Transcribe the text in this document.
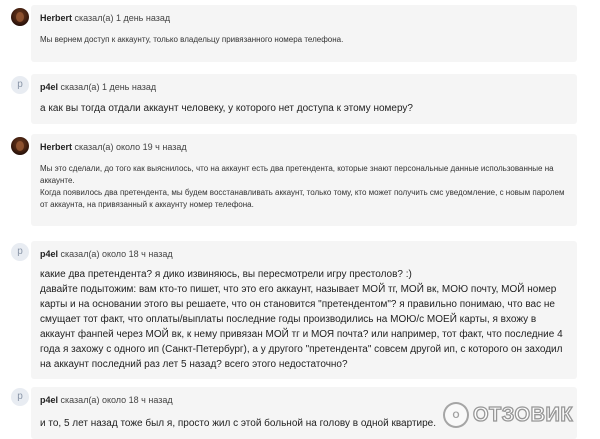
Herbert сказал(а) 1 день назад

Мы вернем доступ к аккаунту, только владельцу привязанного номера телефона.

p	p4el сказал(а) 1 день назад

а как вы тогда отдали аккаунт человеку, у которого нет доступа к этому номеру?

Herbert сказал(а) около 19 ч назад

Мы это сделали, до того как выяснилось, что на аккаунт есть два претендента, которые знают персональные данные использованные на аккаунте.

Когда появилось два претендента, мы будем восстанавливать аккаунт, только тому, кто может получить смс уведомление, с новым паролем от аккаунта, на привязанный к аккаунту номер телефона.

p	p4el сказал(а) около 18 ч назад

какие два претендента? я дико извиняюсь, вы пересмотрели игру престолов? :)

давайте подытожим: вам кто-то пишет, что это его аккаунт, называет МОЙ тг, МОЙ вк, МОЮ почту, МОЙ номер карты и на основании этого вы решаете, что он становится "претендентом"? я правильно понимаю, что вас не смущает тот факт, что оплаты/выплаты последние годы производились на МОЮ/с МОЕЙ карты, я вхожу в аккаунт фанпей через МОЙ вк, к нему привязан МОЙ тг и МОЯ почта? или например, тот факт, что последние 4 года я захожу с одного ип (Санкт-Петербург), а у другого "претендента" совсем другой ип, с которого он заходил на аккаунт последний раз лет 5 назад? всего этого недостаточно?

p	p4el сказал(а) около 18 ч назад

и то, 5 лет назад тоже был я, просто жил с этой больной на голову в одной квартире.

O ОТЗОВИК
